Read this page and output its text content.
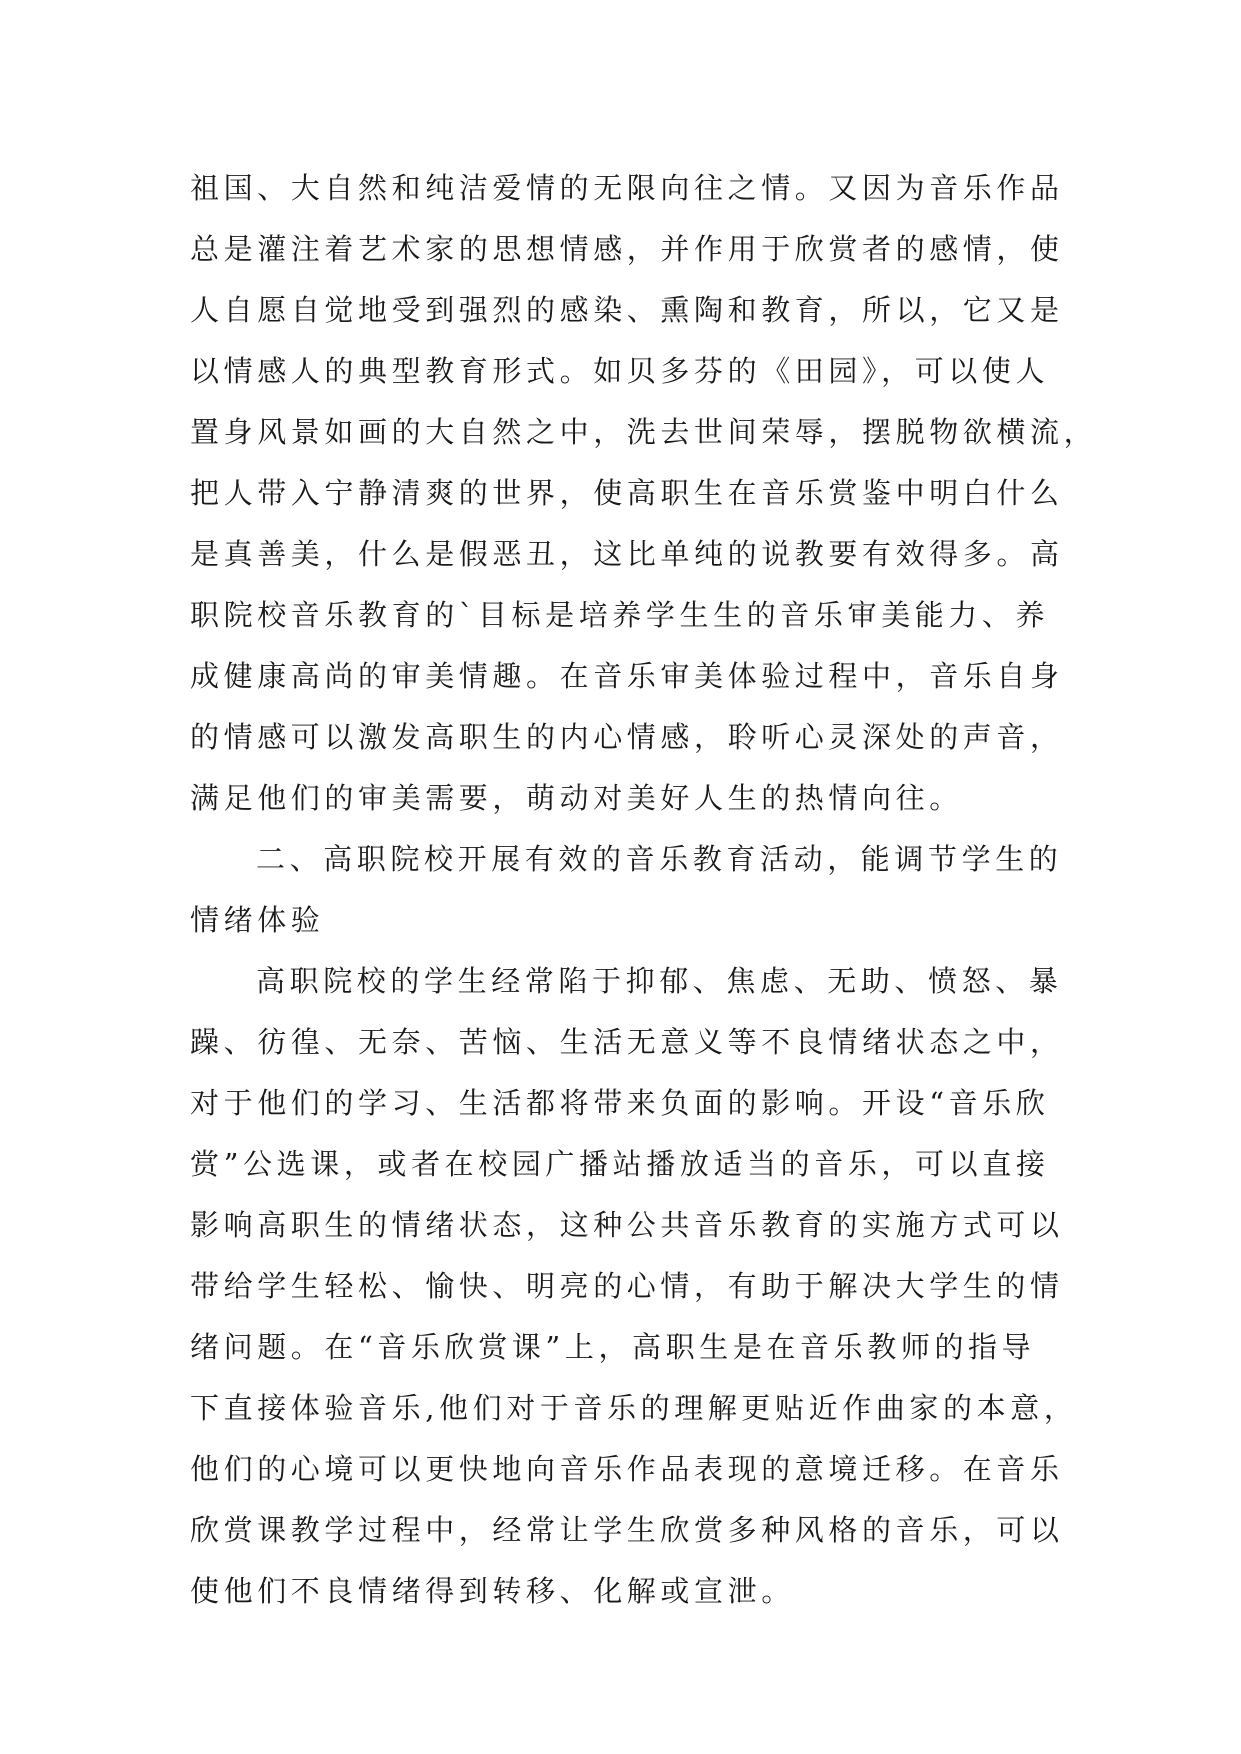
祖国、大自然和纯洁爱情的无限向往之情。又因为音乐作品
总是灌注着艺术家的思想情感，并作用于欣赏者的感情，使
人自愿自觉地受到强烈的感染、熏陶和教育，所以，它又是
以情感人的典型教育形式。如贝多芬的《田园》，可以使人
置身风景如画的大自然之中，洗去世间荣辱，摆脱物欲横流，
把人带入宁静清爽的世界，使高职生在音乐赏鉴中明白什么
是真善美，什么是假恶丑，这比单纯的说教要有效得多。高
职院校音乐教育的`目标是培养学生生的音乐审美能力、养
成健康高尚的审美情趣。在音乐审美体验过程中，音乐自身
的情感可以激发高职生的内心情感，聆听心灵深处的声音，
满足他们的审美需要，萌动对美好人生的热情向往。
二、高职院校开展有效的音乐教育活动，能调节学生的
情绪体验
高职院校的学生经常陷于抑郁、焦虑、无助、愤怒、暴
躁、彷徨、无奈、苦恼、生活无意义等不良情绪状态之中，
对于他们的学习、生活都将带来负面的影响。开设“音乐欣
赏”公选课，或者在校园广播站播放适当的音乐，可以直接
影响高职生的情绪状态，这种公共音乐教育的实施方式可以
带给学生轻松、愉快、明亮的心情，有助于解决大学生的情
绪问题。在“音乐欣赏课”上，高职生是在音乐教师的指导
下直接体验音乐,他们对于音乐的理解更贴近作曲家的本意，
他们的心境可以更快地向音乐作品表现的意境迁移。在音乐
欣赏课教学过程中，经常让学生欣赏多种风格的音乐，可以
使他们不良情绪得到转移、化解或宣泄。
